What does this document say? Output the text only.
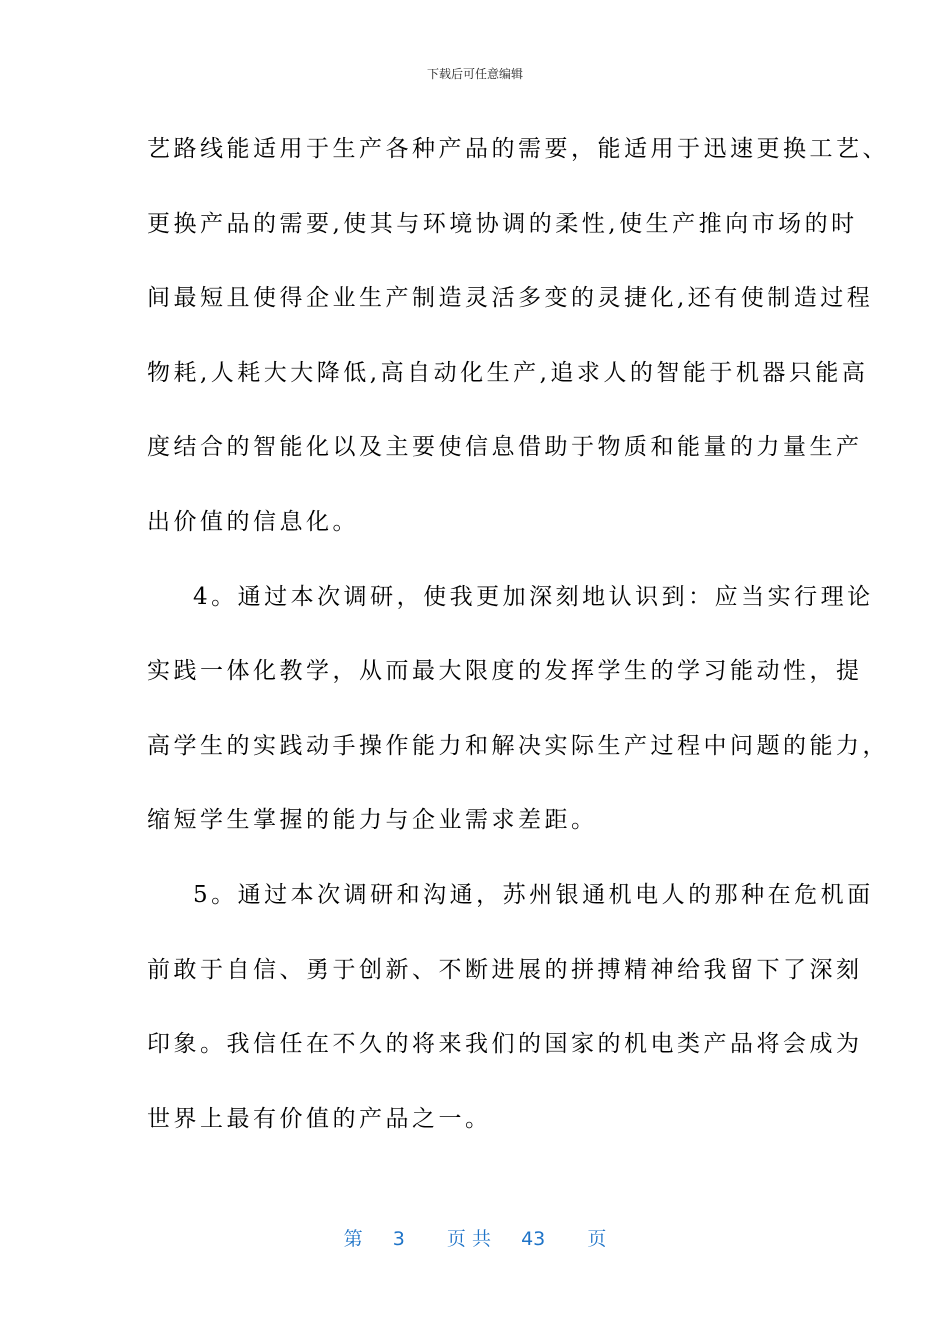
下载后可任意编辑
艺路线能适用于生产各种产品的需要，能适用于迅速更换工艺、
更换产品的需要,使其与环境协调的柔性,使生产推向市场的时
间最短且使得企业生产制造灵活多变的灵捷化,还有使制造过程
物耗,人耗大大降低,高自动化生产,追求人的智能于机器只能高
度结合的智能化以及主要使信息借助于物质和能量的力量生产
出价值的信息化。
4。通过本次调研，使我更加深刻地认识到：应当实行理论
实践一体化教学，从而最大限度的发挥学生的学习能动性，提
高学生的实践动手操作能力和解决实际生产过程中问题的能力，
缩短学生掌握的能力与企业需求差距。
5。通过本次调研和沟通，苏州银通机电人的那种在危机面
前敢于自信、勇于创新、不断进展的拼搏精神给我留下了深刻
印象。我信任在不久的将来我们的国家的机电类产品将会成为
世界上最有价值的产品之一。
第 3 页 共 43 页
